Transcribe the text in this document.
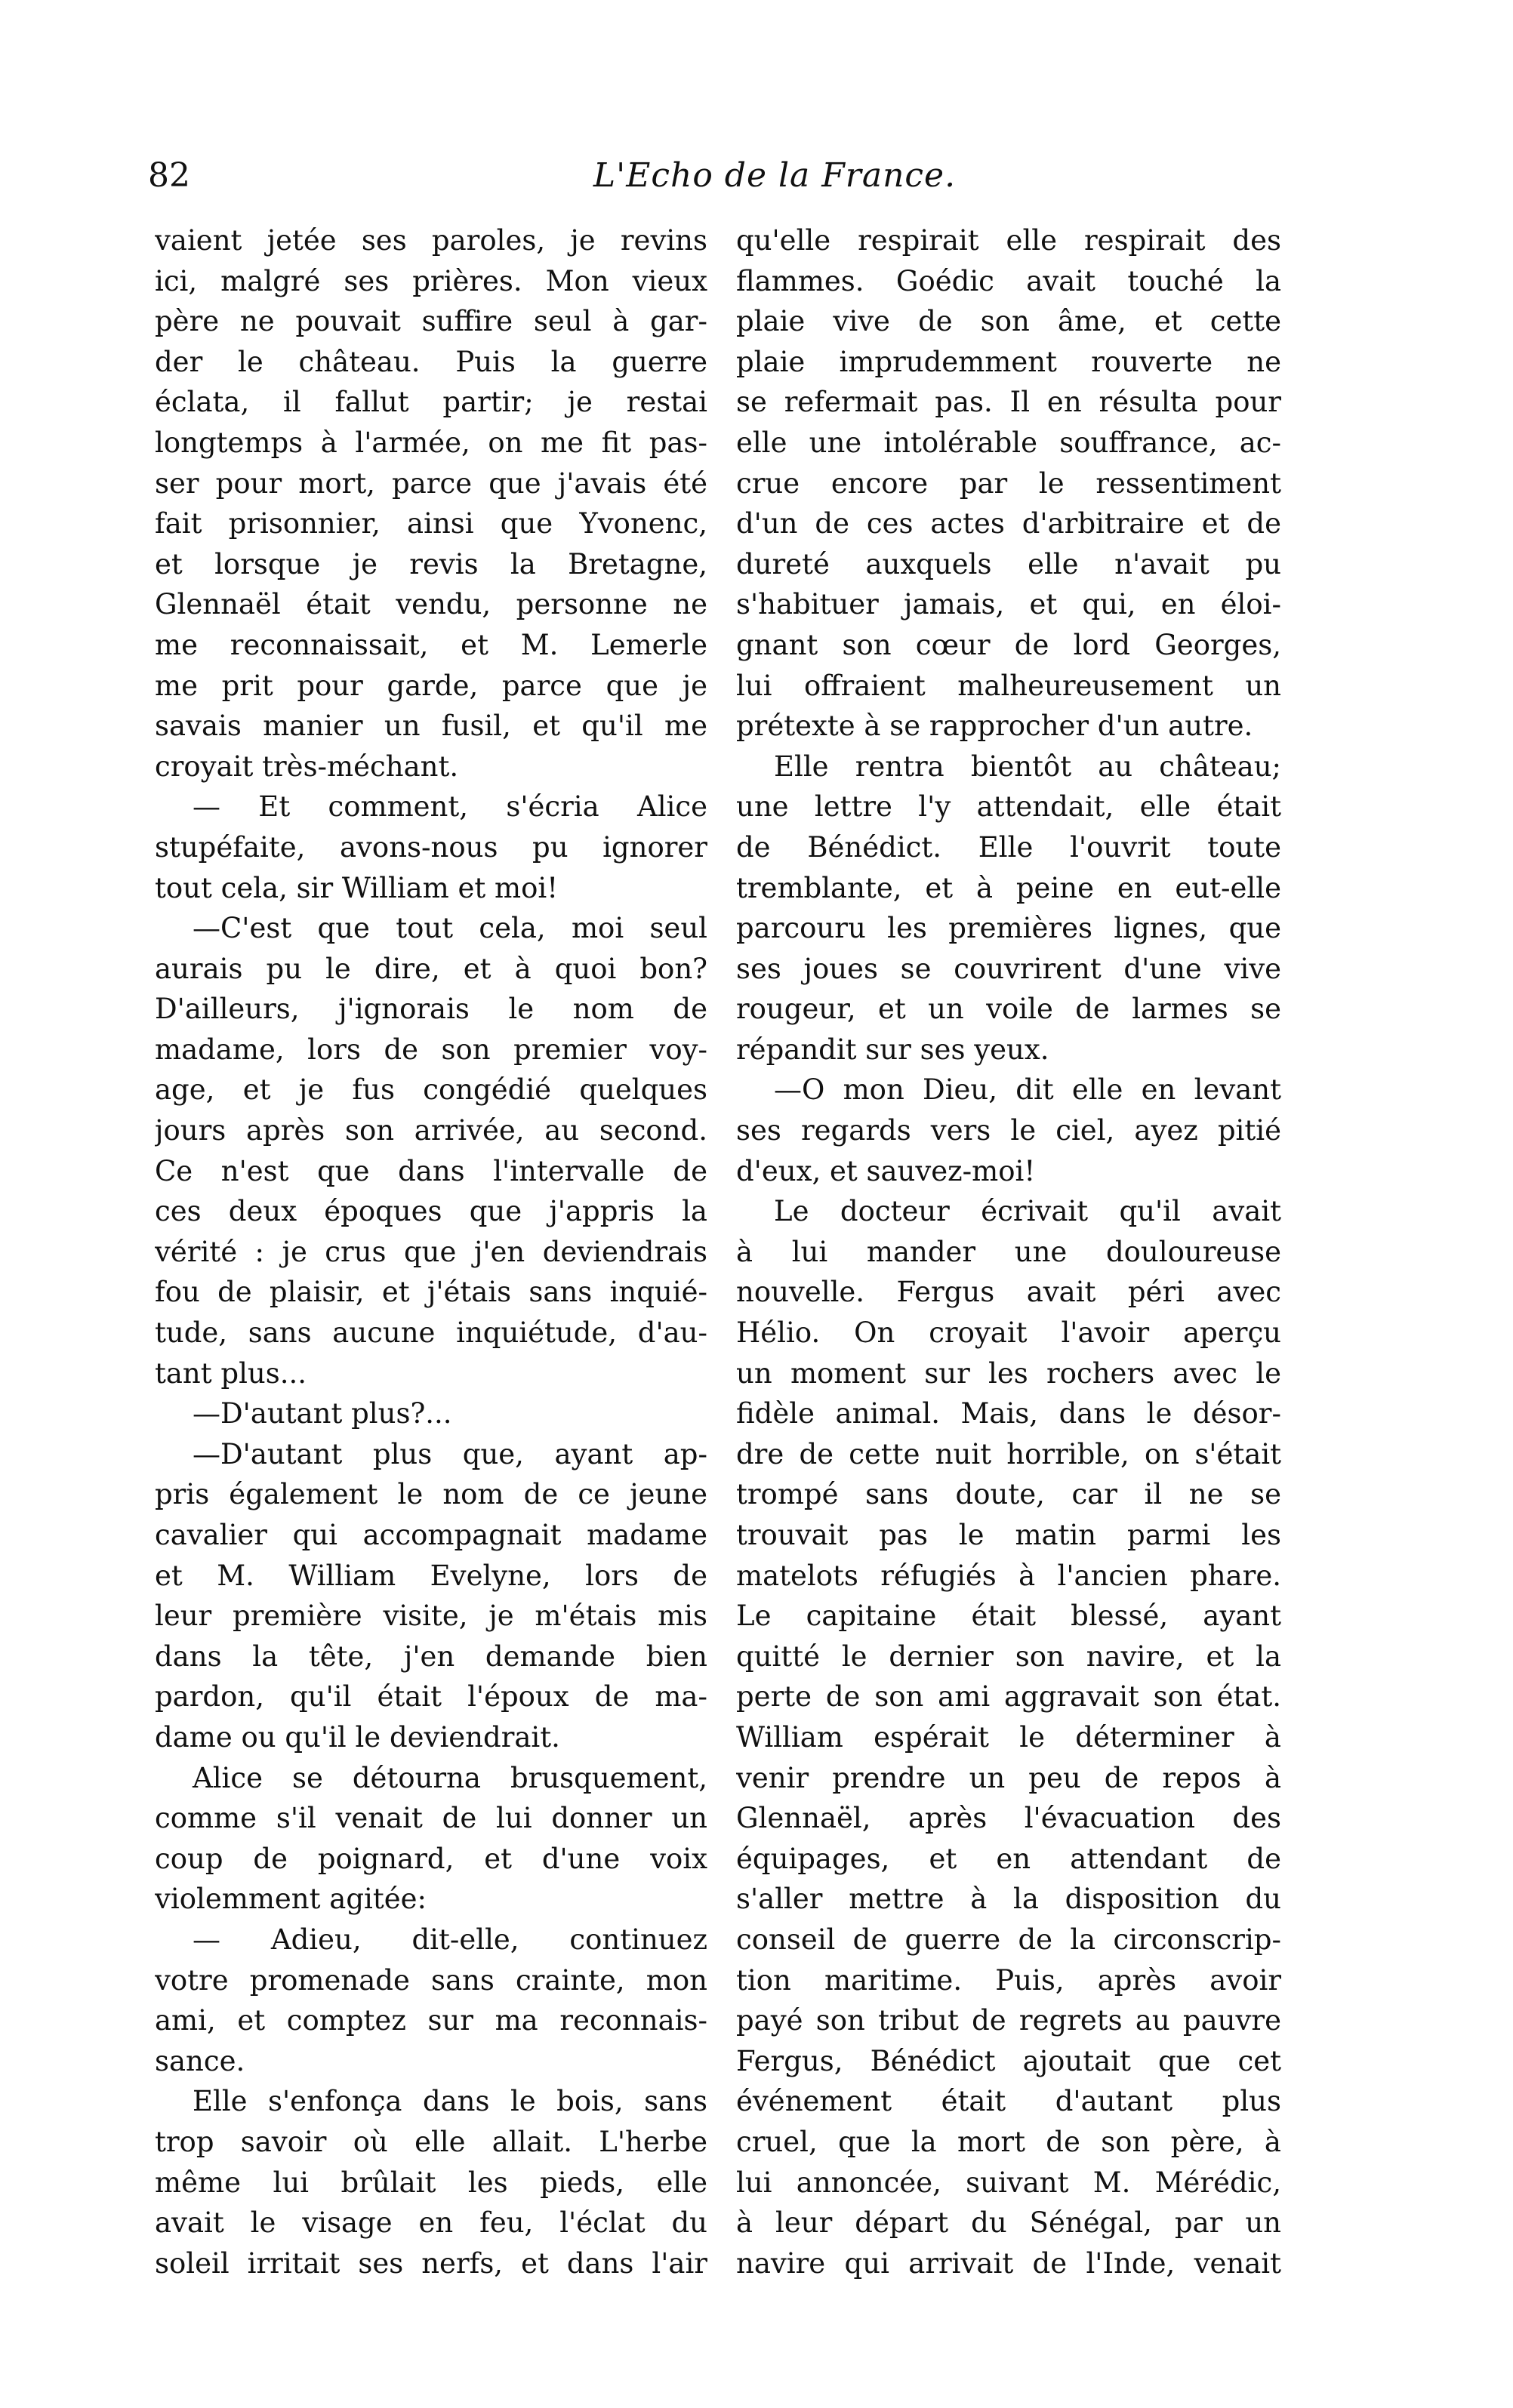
82	L'Echo de la France.
vaient jetée ses paroles, je revins
ici, malgré ses prières. Mon vieux
père ne pouvait suffire seul à gar-
der le château. Puis la guerre
éclata, il fallut partir; je restai
longtemps à l'armée, on me fit pas-
ser pour mort, parce que j'avais été
fait prisonnier, ainsi que Yvonenc,
et lorsque je revis la Bretagne,
Glennaël était vendu, personne ne
me reconnaissait, et M. Lemerle
me prit pour garde, parce que je
savais manier un fusil, et qu'il me
croyait très-méchant.
— Et comment, s'écria Alice
stupéfaite, avons-nous pu ignorer
tout cela, sir William et moi!
—C'est que tout cela, moi seul
aurais pu le dire, et à quoi bon?
D'ailleurs, j'ignorais le nom de
madame, lors de son premier voy-
age, et je fus congédié quelques
jours après son arrivée, au second.
Ce n'est que dans l'intervalle de
ces deux époques que j'appris la
vérité : je crus que j'en deviendrais
fou de plaisir, et j'étais sans inquié-
tude, sans aucune inquiétude, d'au-
tant plus...
—D'autant plus?...
—D'autant plus que, ayant ap-
pris également le nom de ce jeune
cavalier qui accompagnait madame
et M. William Evelyne, lors de
leur première visite, je m'étais mis
dans la tête, j'en demande bien
pardon, qu'il était l'époux de ma-
dame ou qu'il le deviendrait.
Alice se détourna brusquement,
comme s'il venait de lui donner un
coup de poignard, et d'une voix
violemment agitée:
— Adieu, dit-elle, continuez
votre promenade sans crainte, mon
ami, et comptez sur ma reconnais-
sance.
Elle s'enfonça dans le bois, sans
trop savoir où elle allait. L'herbe
même lui brûlait les pieds, elle
avait le visage en feu, l'éclat du
soleil irritait ses nerfs, et dans l'air
qu'elle respirait elle respirait des
flammes. Goédic avait touché la
plaie vive de son âme, et cette
plaie imprudemment rouverte ne
se refermait pas. Il en résulta pour
elle une intolérable souffrance, ac-
crue encore par le ressentiment
d'un de ces actes d'arbitraire et de
dureté auxquels elle n'avait pu
s'habituer jamais, et qui, en éloi-
gnant son cœur de lord Georges,
lui offraient malheureusement un
prétexte à se rapprocher d'un autre.
Elle rentra bientôt au château;
une lettre l'y attendait, elle était
de Bénédict. Elle l'ouvrit toute
tremblante, et à peine en eut-elle
parcouru les premières lignes, que
ses joues se couvrirent d'une vive
rougeur, et un voile de larmes se
répandit sur ses yeux.
—O mon Dieu, dit elle en levant
ses regards vers le ciel, ayez pitié
d'eux, et sauvez-moi!
Le docteur écrivait qu'il avait
à lui mander une douloureuse
nouvelle. Fergus avait péri avec
Hélio. On croyait l'avoir aperçu
un moment sur les rochers avec le
fidèle animal. Mais, dans le désor-
dre de cette nuit horrible, on s'était
trompé sans doute, car il ne se
trouvait pas le matin parmi les
matelots réfugiés à l'ancien phare.
Le capitaine était blessé, ayant
quitté le dernier son navire, et la
perte de son ami aggravait son état.
William espérait le déterminer à
venir prendre un peu de repos à
Glennaël, après l'évacuation des
équipages, et en attendant de
s'aller mettre à la disposition du
conseil de guerre de la circonscrip-
tion maritime. Puis, après avoir
payé son tribut de regrets au pauvre
Fergus, Bénédict ajoutait que cet
événement était d'autant plus
cruel, que la mort de son père, à
lui annoncée, suivant M. Mérédic,
à leur départ du Sénégal, par un
navire qui arrivait de l'Inde, venait
